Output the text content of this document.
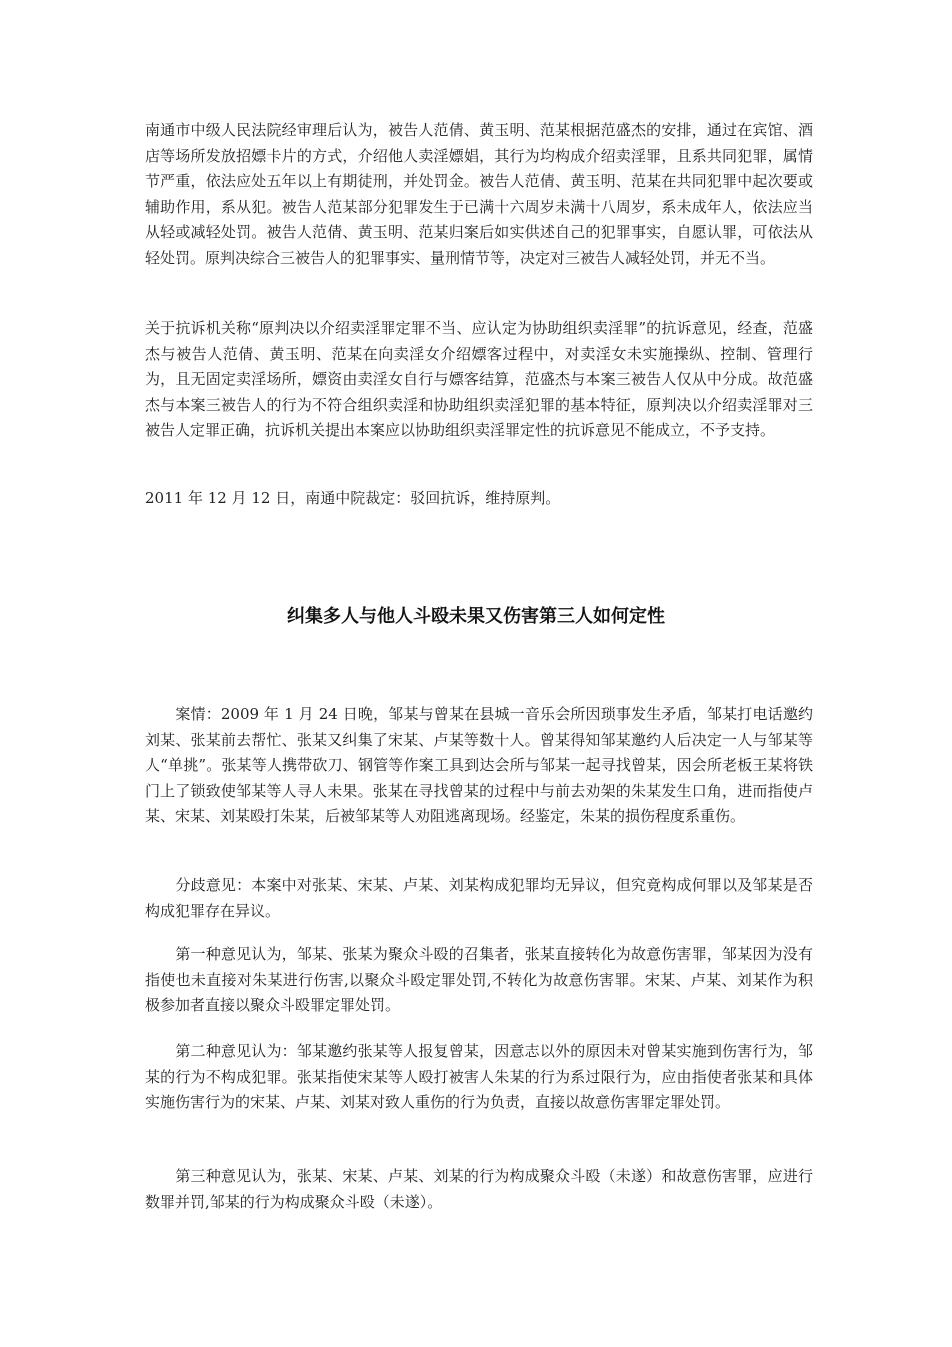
南通市中级人民法院经审理后认为，被告人范倩、黄玉明、范某根据范盛杰的安排，通过在宾馆、酒店等场所发放招嫖卡片的方式，介绍他人卖淫嫖娼，其行为均构成介绍卖淫罪，且系共同犯罪，属情节严重，依法应处五年以上有期徒刑，并处罚金。被告人范倩、黄玉明、范某在共同犯罪中起次要或辅助作用，系从犯。被告人范某部分犯罪发生于已满十六周岁未满十八周岁，系未成年人，依法应当从轻或减轻处罚。被告人范倩、黄玉明、范某归案后如实供述自己的犯罪事实，自愿认罪，可依法从轻处罚。原判决综合三被告人的犯罪事实、量刑情节等，决定对三被告人减轻处罚，并无不当。

关于抗诉机关称“原判决以介绍卖淫罪定罪不当、应认定为协助组织卖淫罪”的抗诉意见，经查，范盛杰与被告人范倩、黄玉明、范某在向卖淫女介绍嫖客过程中，对卖淫女未实施操纵、控制、管理行为，且无固定卖淫场所，嫖资由卖淫女自行与嫖客结算，范盛杰与本案三被告人仅从中分成。故范盛杰与本案三被告人的行为不符合组织卖淫和协助组织卖淫犯罪的基本特征，原判决以介绍卖淫罪对三被告人定罪正确，抗诉机关提出本案应以协助组织卖淫罪定性的抗诉意见不能成立，不予支持。

2011 年 12 月 12 日，南通中院裁定：驳回抗诉，维持原判。

纠集多人与他人斗殴未果又伤害第三人如何定性

　　案情：2009 年 1 月 24 日晚，邹某与曾某在县城一音乐会所因琐事发生矛盾，邹某打电话邀约刘某、张某前去帮忙、张某又纠集了宋某、卢某等数十人。曾某得知邹某邀约人后决定一人与邹某等人“单挑”。张某等人携带砍刀、钢管等作案工具到达会所与邹某一起寻找曾某，因会所老板王某将铁门上了锁致使邹某等人寻人未果。张某在寻找曾某的过程中与前去劝架的朱某发生口角，进而指使卢某、宋某、刘某殴打朱某，后被邹某等人劝阻逃离现场。经鉴定，朱某的损伤程度系重伤。

　　分歧意见：本案中对张某、宋某、卢某、刘某构成犯罪均无异议，但究竟构成何罪以及邹某是否构成犯罪存在异议。

　　第一种意见认为，邹某、张某为聚众斗殴的召集者，张某直接转化为故意伤害罪，邹某因为没有指使也未直接对朱某进行伤害,以聚众斗殴定罪处罚,不转化为故意伤害罪。宋某、卢某、刘某作为积极参加者直接以聚众斗殴罪定罪处罚。

　　第二种意见认为：邹某邀约张某等人报复曾某，因意志以外的原因未对曾某实施到伤害行为，邹某的行为不构成犯罪。张某指使宋某等人殴打被害人朱某的行为系过限行为，应由指使者张某和具体实施伤害行为的宋某、卢某、刘某对致人重伤的行为负责，直接以故意伤害罪定罪处罚。

　　第三种意见认为，张某、宋某、卢某、刘某的行为构成聚众斗殴（未遂）和故意伤害罪，应进行数罪并罚,邹某的行为构成聚众斗殴（未遂）。
